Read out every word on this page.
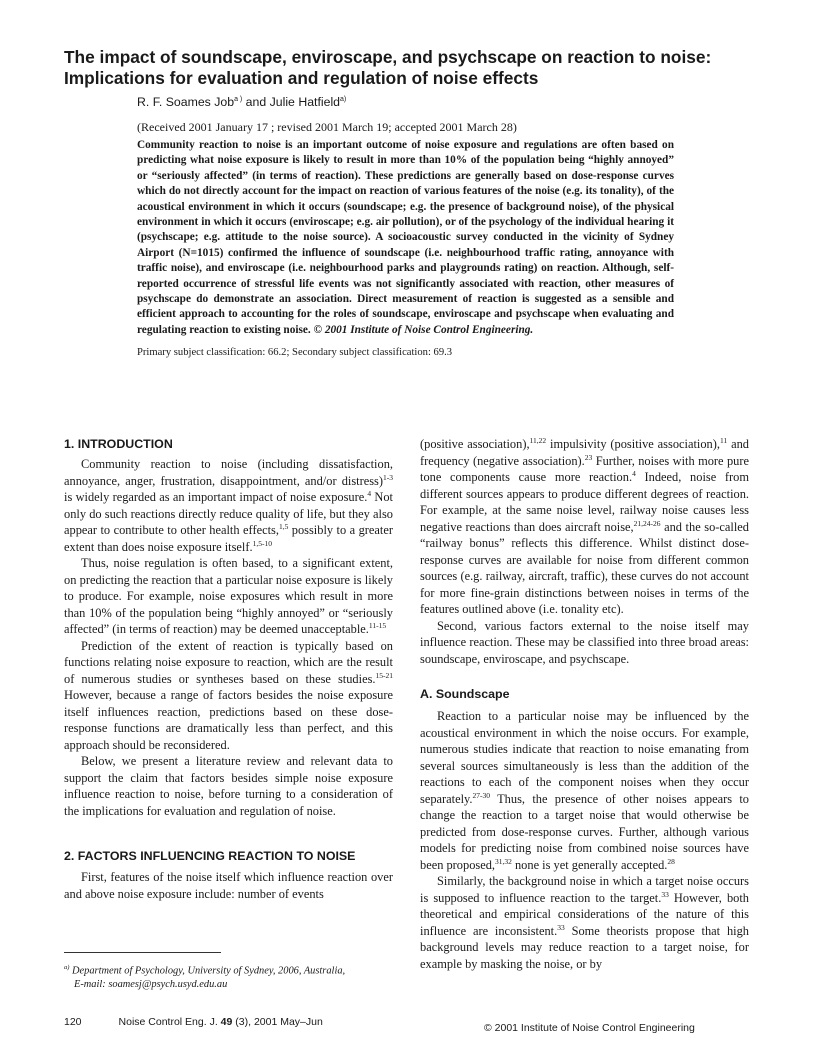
The impact of soundscape, enviroscape, and psychscape on reaction to noise:
Implications for evaluation and regulation of noise effects
R. F. Soames Job$^{a )}$ and Julie Hatfield$^{a)}$
(Received 2001 January 17 ; revised 2001 March 19; accepted 2001 March 28)
Community reaction to noise is an important outcome of noise exposure and regulations are often based on predicting what noise exposure is likely to result in more than 10% of the population being “highly annoyed” or “seriously affected” (in terms of reaction). These predictions are generally based on dose-response curves which do not directly account for the impact on reaction of various features of the noise (e.g. its tonality), of the acoustical environment in which it occurs (soundscape; e.g. the presence of background noise), of the physical environment in which it occurs (enviroscape; e.g. air pollution), or of the psychology of the individual hearing it (psychscape; e.g. attitude to the noise source). A socioacoustic survey conducted in the vicinity of Sydney Airport (N=1015) confirmed the influence of soundscape (i.e. neighbourhood traffic rating, annoyance with traffic noise), and enviroscape (i.e. neighbourhood parks and playgrounds rating) on reaction. Although, self-reported occurrence of stressful life events was not significantly associated with reaction, other measures of psychscape do demonstrate an association. Direct measurement of reaction is suggested as a sensible and efficient approach to accounting for the roles of soundscape, enviroscape and psychscape when evaluating and regulating reaction to existing noise. © 2001 Institute of Noise Control Engineering.
Primary subject classification: 66.2; Secondary subject classification: 69.3
1. INTRODUCTION

Community reaction to noise (including dissatisfaction, annoyance, anger, frustration, disappointment, and/or distress)$^{1-3}$ is widely regarded as an important impact of noise exposure.$^4$ Not only do such reactions directly reduce quality of life, but they also appear to contribute to other health effects,$^{1,5}$ possibly to a greater extent than does noise exposure itself.$^{1,5-10}$

Thus, noise regulation is often based, to a significant extent, on predicting the reaction that a particular noise exposure is likely to produce. For example, noise exposures which result in more than 10% of the population being “highly annoyed” or “seriously affected” (in terms of reaction) may be deemed unacceptable.$^{11-15}$

Prediction of the extent of reaction is typically based on functions relating noise exposure to reaction, which are the result of numerous studies or syntheses based on these studies.$^{15-21}$ However, because a range of factors besides the noise exposure itself influences reaction, predictions based on these dose-response functions are dramatically less than perfect, and this approach should be reconsidered.

Below, we present a literature review and relevant data to support the claim that factors besides simple noise exposure influence reaction to noise, before turning to a consideration of the implications for evaluation and regulation of noise.

2. FACTORS INFLUENCING REACTION TO NOISE

First, features of the noise itself which influence reaction over and above noise exposure include: number of events

(positive association),$^{11,22}$ impulsivity (positive association),$^{11}$ and frequency (negative association).$^{23}$ Further, noises with more pure tone components cause more reaction.$^4$ Indeed, noise from different sources appears to produce different degrees of reaction. For example, at the same noise level, railway noise causes less negative reactions than does aircraft noise,$^{21,24-26}$ and the so-called “railway bonus” reflects this difference. Whilst distinct dose-response curves are available for noise from different common sources (e.g. railway, aircraft, traffic), these curves do not account for more fine-grain distinctions between noises in terms of the features outlined above (i.e. tonality etc).

Second, various factors external to the noise itself may influence reaction. These may be classified into three broad areas: soundscape, enviroscape, and psychscape.

A. Soundscape

Reaction to a particular noise may be influenced by the acoustical environment in which the noise occurs. For example, numerous studies indicate that reaction to noise emanating from several sources simultaneously is less than the addition of the reactions to each of the component noises when they occur separately.$^{27-30}$ Thus, the presence of other noises appears to change the reaction to a target noise that would otherwise be predicted from dose-response curves. Further, although various models for predicting noise from combined noise sources have been proposed,$^{31,32}$ none is yet generally accepted.$^{28}$

Similarly, the background noise in which a target noise occurs is supposed to influence reaction to the target.$^{33}$ However, both theoretical and empirical considerations of the nature of this influence are inconsistent.$^{33}$ Some theorists propose that high background levels may reduce reaction to a target noise, for example by masking the noise, or by

$^{a)}$ Department of Psychology, University of Sydney, 2006, Australia,
E-mail: soamesj@psych.usyd.edu.au
120	Noise Control Eng. J. 49 (3), 2001 May–Jun	© 2001 Institute of Noise Control Engineering
